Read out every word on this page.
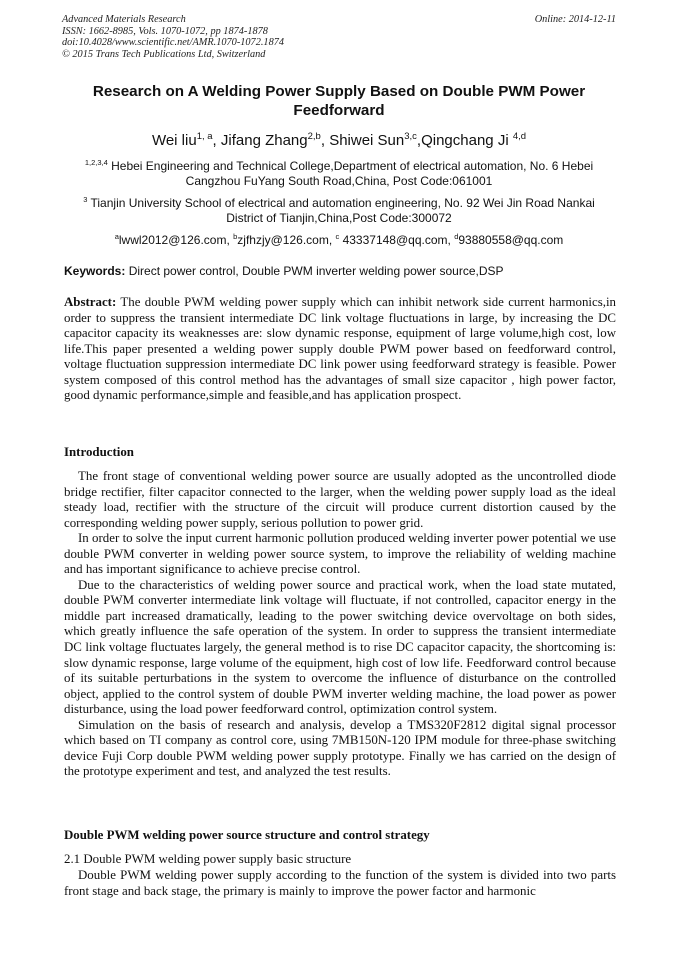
Advanced Materials Research
ISSN: 1662-8985, Vols. 1070-1072, pp 1874-1878
doi:10.4028/www.scientific.net/AMR.1070-1072.1874
© 2015 Trans Tech Publications Ltd, Switzerland
Online: 2014-12-11
Research on A Welding Power Supply Based on Double PWM Power Feedforward
Wei liu$^{1, a}$, Jifang Zhang$^{2,b}$, Shiwei Sun$^{3,c}$,Qingchang Ji $^{4,d}$
$^{1,2,3,4}$ Hebei Engineering and Technical College,Department of electrical automation, No. 6 Hebei Cangzhou FuYang South Road,China, Post Code:061001
$^3$ Tianjin University School of electrical and automation engineering, No. 92 Wei Jin Road Nankai District of Tianjin,China,Post Code:300072
$^a$lwwl2012@126.com, $^b$zjfhzjy@126.com, $^c$ 43337148@qq.com, $^d$93880558@qq.com
Keywords: Direct power control, Double PWM inverter welding power source,DSP
Abstract: The double PWM welding power supply which can inhibit network side current harmonics,in order to suppress the transient intermediate DC link voltage fluctuations in large, by increasing the DC capacitor capacity its weaknesses are: slow dynamic response, equipment of large volume,high cost, low life.This paper presented a welding power supply double PWM power based on feedforward control, voltage fluctuation suppression intermediate DC link power using feedforward strategy is feasible. Power system composed of this control method has the advantages of small size capacitor , high power factor, good dynamic performance,simple and feasible,and has application prospect.
Introduction

The front stage of conventional welding power source are usually adopted as the uncontrolled diode bridge rectifier, filter capacitor connected to the larger, when the welding power supply load as the ideal steady load, rectifier with the structure of the circuit will produce current distortion caused by the corresponding welding power supply, serious pollution to power grid.

In order to solve the input current harmonic pollution produced welding inverter power potential we use double PWM converter in welding power source system, to improve the reliability of welding machine and has important significance to achieve precise control.

Due to the characteristics of welding power source and practical work, when the load state mutated, double PWM converter intermediate link voltage will fluctuate, if not controlled, capacitor energy in the middle part increased dramatically, leading to the power switching device overvoltage on both sides, which greatly influence the safe operation of the system. In order to suppress the transient intermediate DC link voltage fluctuates largely, the general method is to rise DC capacitor capacity, the shortcoming is: slow dynamic response, large volume of the equipment, high cost of low life. Feedforward control because of its suitable perturbations in the system to overcome the influence of disturbance on the controlled object, applied to the control system of double PWM inverter welding machine, the load power as power disturbance, using the load power feedforward control, optimization control system.

Simulation on the basis of research and analysis, develop a TMS320F2812 digital signal processor which based on TI company as control core, using 7MB150N-120 IPM module for three-phase switching device Fuji Corp double PWM welding power supply prototype. Finally we has carried on the design of the prototype experiment and test, and analyzed the test results.

Double PWM welding power source structure and control strategy
2.1 Double PWM welding power supply basic structure

Double PWM welding power supply according to the function of the system is divided into two parts front stage and back stage, the primary is mainly to improve the power factor and harmonic
